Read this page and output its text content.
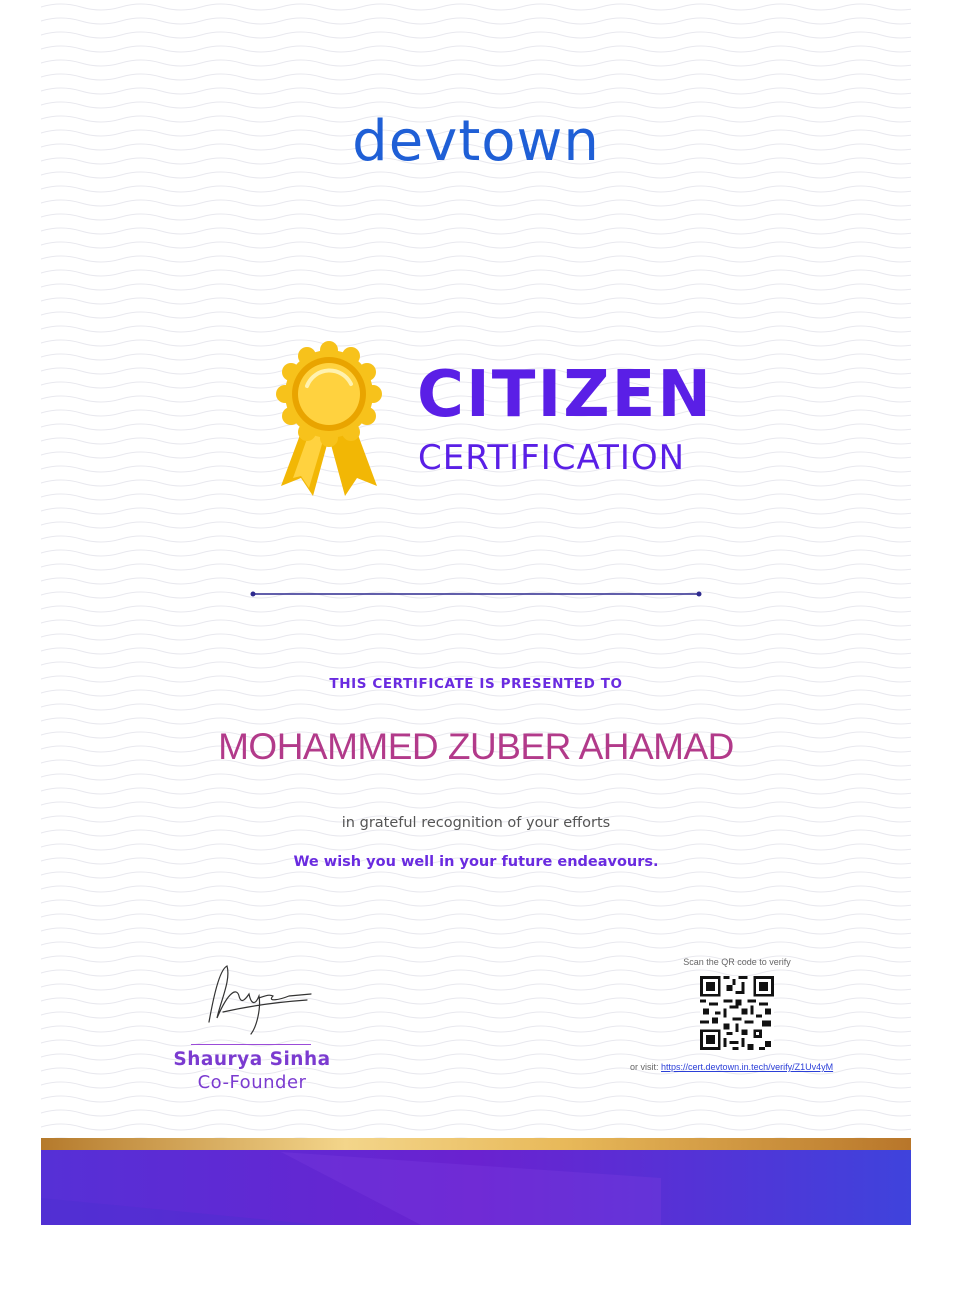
devtown
CITIZEN
CERTIFICATION
THIS CERTIFICATE IS PRESENTED TO
MOHAMMED ZUBER AHAMAD
in grateful recognition of your efforts
We wish you well in your future endeavours.
Shaurya Sinha
Co-Founder
Scan the QR code to verify
or visit: https://cert.devtown.in.tech/verify/Z1Uv4yM
